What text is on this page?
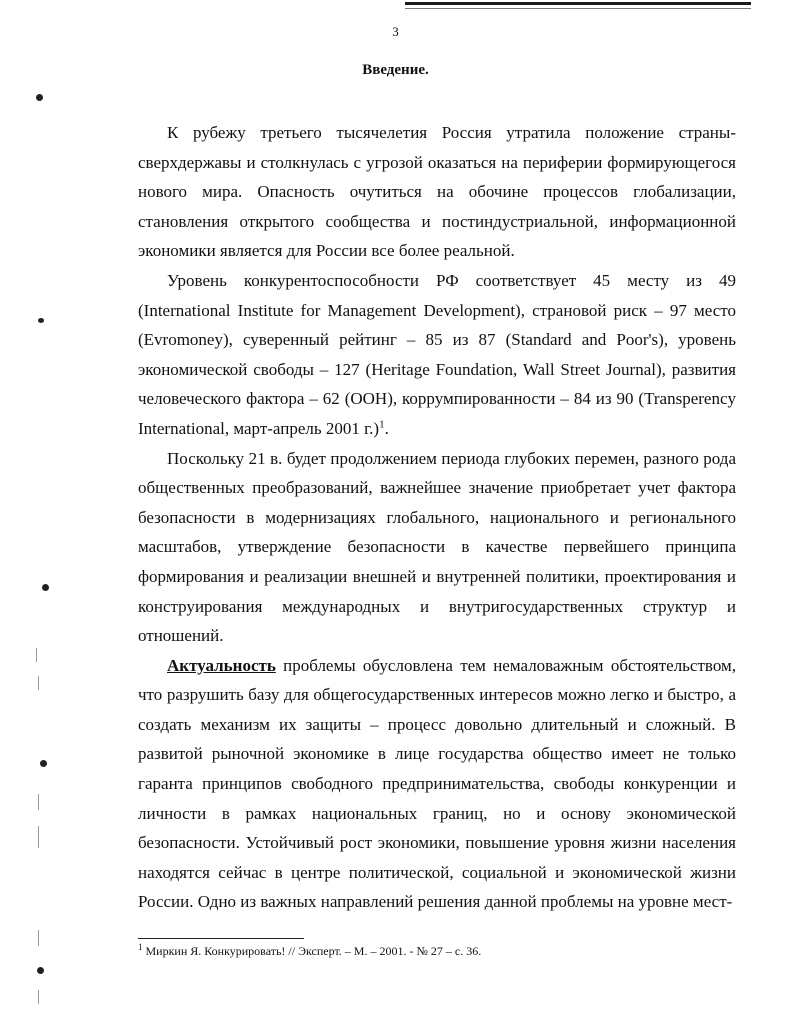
3
Введение.

К рубежу третьего тысячелетия Россия утратила положение страны-сверхдержавы и столкнулась с угрозой оказаться на периферии формирующегося нового мира. Опасность очутиться на обочине процессов глобализации, становления открытого сообщества и постиндустриальной, информационной экономики является для России все более реальной.

Уровень конкурентоспособности РФ соответствует 45 месту из 49 (International Institute for Management Development), страновой риск – 97 место (Evromoney), суверенный рейтинг – 85 из 87 (Standard and Poor's), уровень экономической свободы – 127 (Heritage Foundation, Wall Street Journal), развития человеческого фактора – 62 (ООН), коррумпированности – 84 из 90 (Transperency International, март-апрель 2001 г.)$^1$.

Поскольку 21 в. будет продолжением периода глубоких перемен, разного рода общественных преобразований, важнейшее значение приобретает учет фактора безопасности в модернизациях глобального, национального и регионального масштабов, утверждение безопасности в качестве первейшего принципа формирования и реализации внешней и внутренней политики, проектирования и конструирования международных и внутригосударственных структур и отношений.

Актуальность проблемы обусловлена тем немаловажным обстоятельством, что разрушить базу для общегосударственных интересов можно легко и быстро, а создать механизм их защиты – процесс довольно длительный и сложный. В развитой рыночной экономике в лице государства общество имеет не только гаранта принципов свободного предпринимательства, свободы конкуренции и личности в рамках национальных границ, но и основу экономической безопасности. Устойчивый рост экономики, повышение уровня жизни населения находятся сейчас в центре политической, социальной и экономической жизни России. Одно из важных направлений решения данной проблемы на уровне мест-

$^1$ Миркин Я. Конкурировать! // Эксперт. – М. – 2001. - № 27 – с. 36.
